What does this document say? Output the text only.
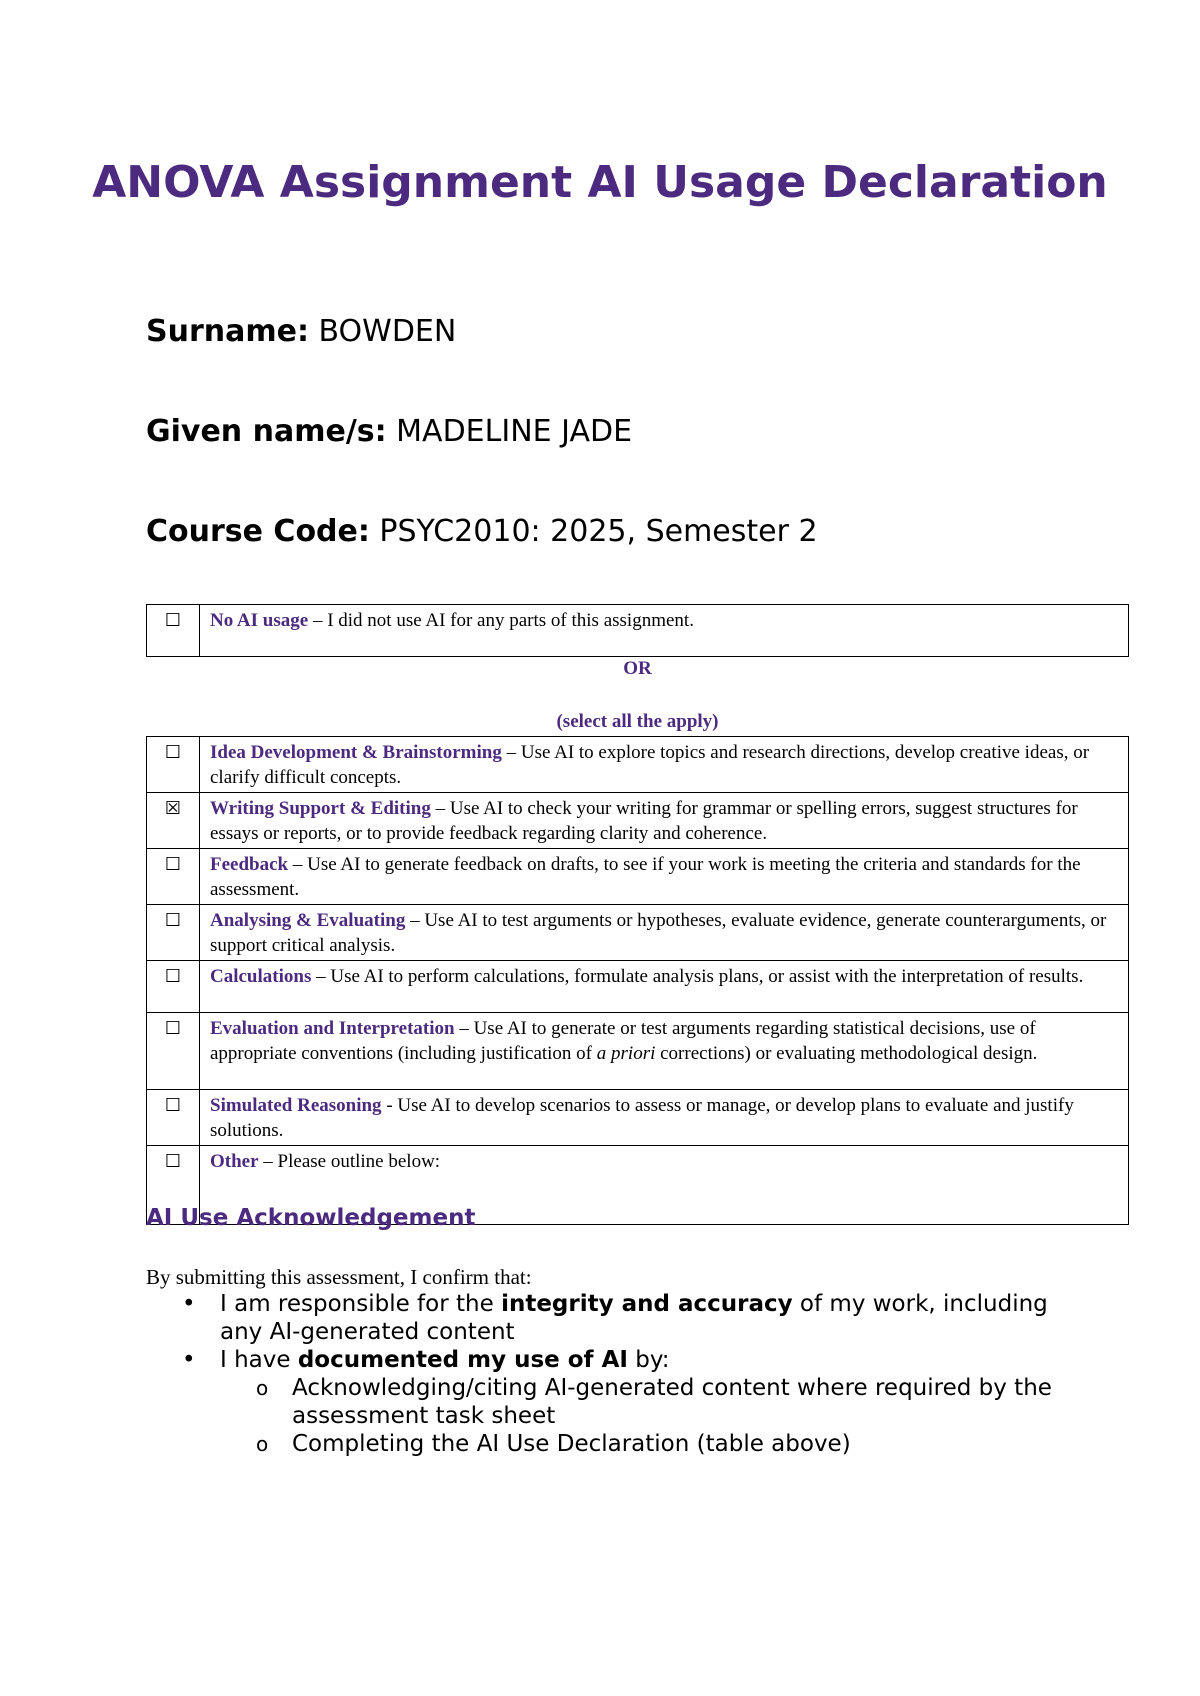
ANOVA Assignment AI Usage Declaration
Surname: BOWDEN
Given name/s: MADELINE JADE
Course Code: PSYC2010: 2025, Semester 2
☐	No AI usage – I did not use AI for any parts of this assignment.
OR
(select all the apply)
☐	Idea Development & Brainstorming – Use AI to explore topics and research directions, develop creative ideas, or clarify difficult concepts.
☒	Writing Support & Editing – Use AI to check your writing for grammar or spelling errors, suggest structures for essays or reports, or to provide feedback regarding clarity and coherence.
☐	Feedback – Use AI to generate feedback on drafts, to see if your work is meeting the criteria and standards for the assessment.
☐	Analysing & Evaluating – Use AI to test arguments or hypotheses, evaluate evidence, generate counterarguments, or support critical analysis.
☐	Calculations – Use AI to perform calculations, formulate analysis plans, or assist with the interpretation of results.
☐	Evaluation and Interpretation – Use AI to generate or test arguments regarding statistical decisions, use of appropriate conventions (including justification of a priori corrections) or evaluating methodological design.
☐	Simulated Reasoning - Use AI to develop scenarios to assess or manage, or develop plans to evaluate and justify solutions.
☐	Other – Please outline below:
AI Use Acknowledgement
By submitting this assessment, I confirm that:
• I am responsible for the integrity and accuracy of my work, including any AI-generated content
• I have documented my use of AI by:
o Acknowledging/citing AI-generated content where required by the assessment task sheet
o Completing the AI Use Declaration (table above)
